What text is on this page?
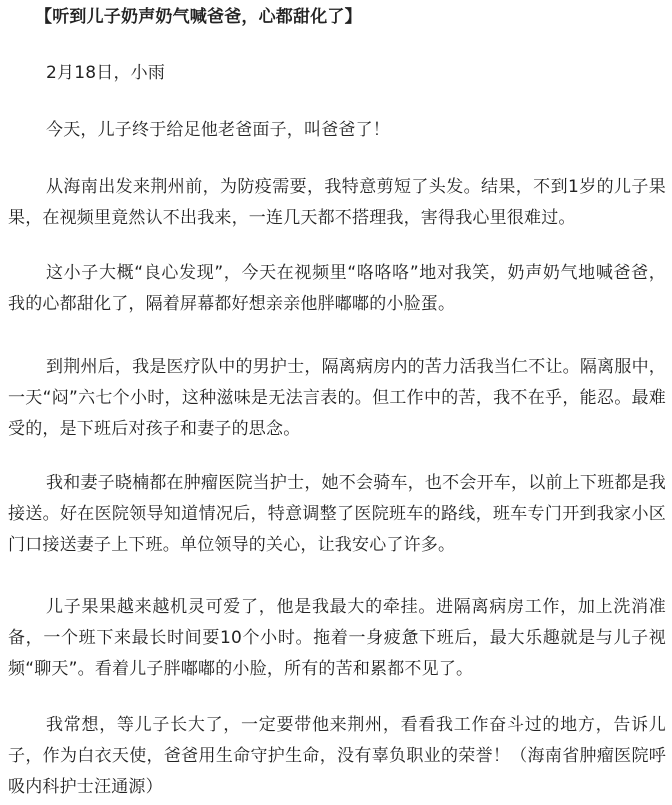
【听到儿子奶声奶气喊爸爸，心都甜化了】

2月18日，小雨

今天，儿子终于给足他老爸面子，叫爸爸了！

从海南出发来荆州前，为防疫需要，我特意剪短了头发。结果，不到1岁的儿子果果，在视频里竟然认不出我来，一连几天都不搭理我，害得我心里很难过。

这小子大概“良心发现”，今天在视频里“咯咯咯”地对我笑，奶声奶气地喊爸爸，我的心都甜化了，隔着屏幕都好想亲亲他胖嘟嘟的小脸蛋。

到荆州后，我是医疗队中的男护士，隔离病房内的苦力活我当仁不让。隔离服中，一天“闷”六七个小时，这种滋味是无法言表的。但工作中的苦，我不在乎，能忍。最难受的，是下班后对孩子和妻子的思念。

我和妻子晓楠都在肿瘤医院当护士，她不会骑车，也不会开车，以前上下班都是我接送。好在医院领导知道情况后，特意调整了医院班车的路线，班车专门开到我家小区门口接送妻子上下班。单位领导的关心，让我安心了许多。

儿子果果越来越机灵可爱了，他是我最大的牵挂。进隔离病房工作，加上洗消准备，一个班下来最长时间要10个小时。拖着一身疲惫下班后，最大乐趣就是与儿子视频“聊天”。看着儿子胖嘟嘟的小脸，所有的苦和累都不见了。

我常想，等儿子长大了，一定要带他来荆州，看看我工作奋斗过的地方，告诉儿子，作为白衣天使，爸爸用生命守护生命，没有辜负职业的荣誉！（海南省肿瘤医院呼吸内科护士汪通源）
